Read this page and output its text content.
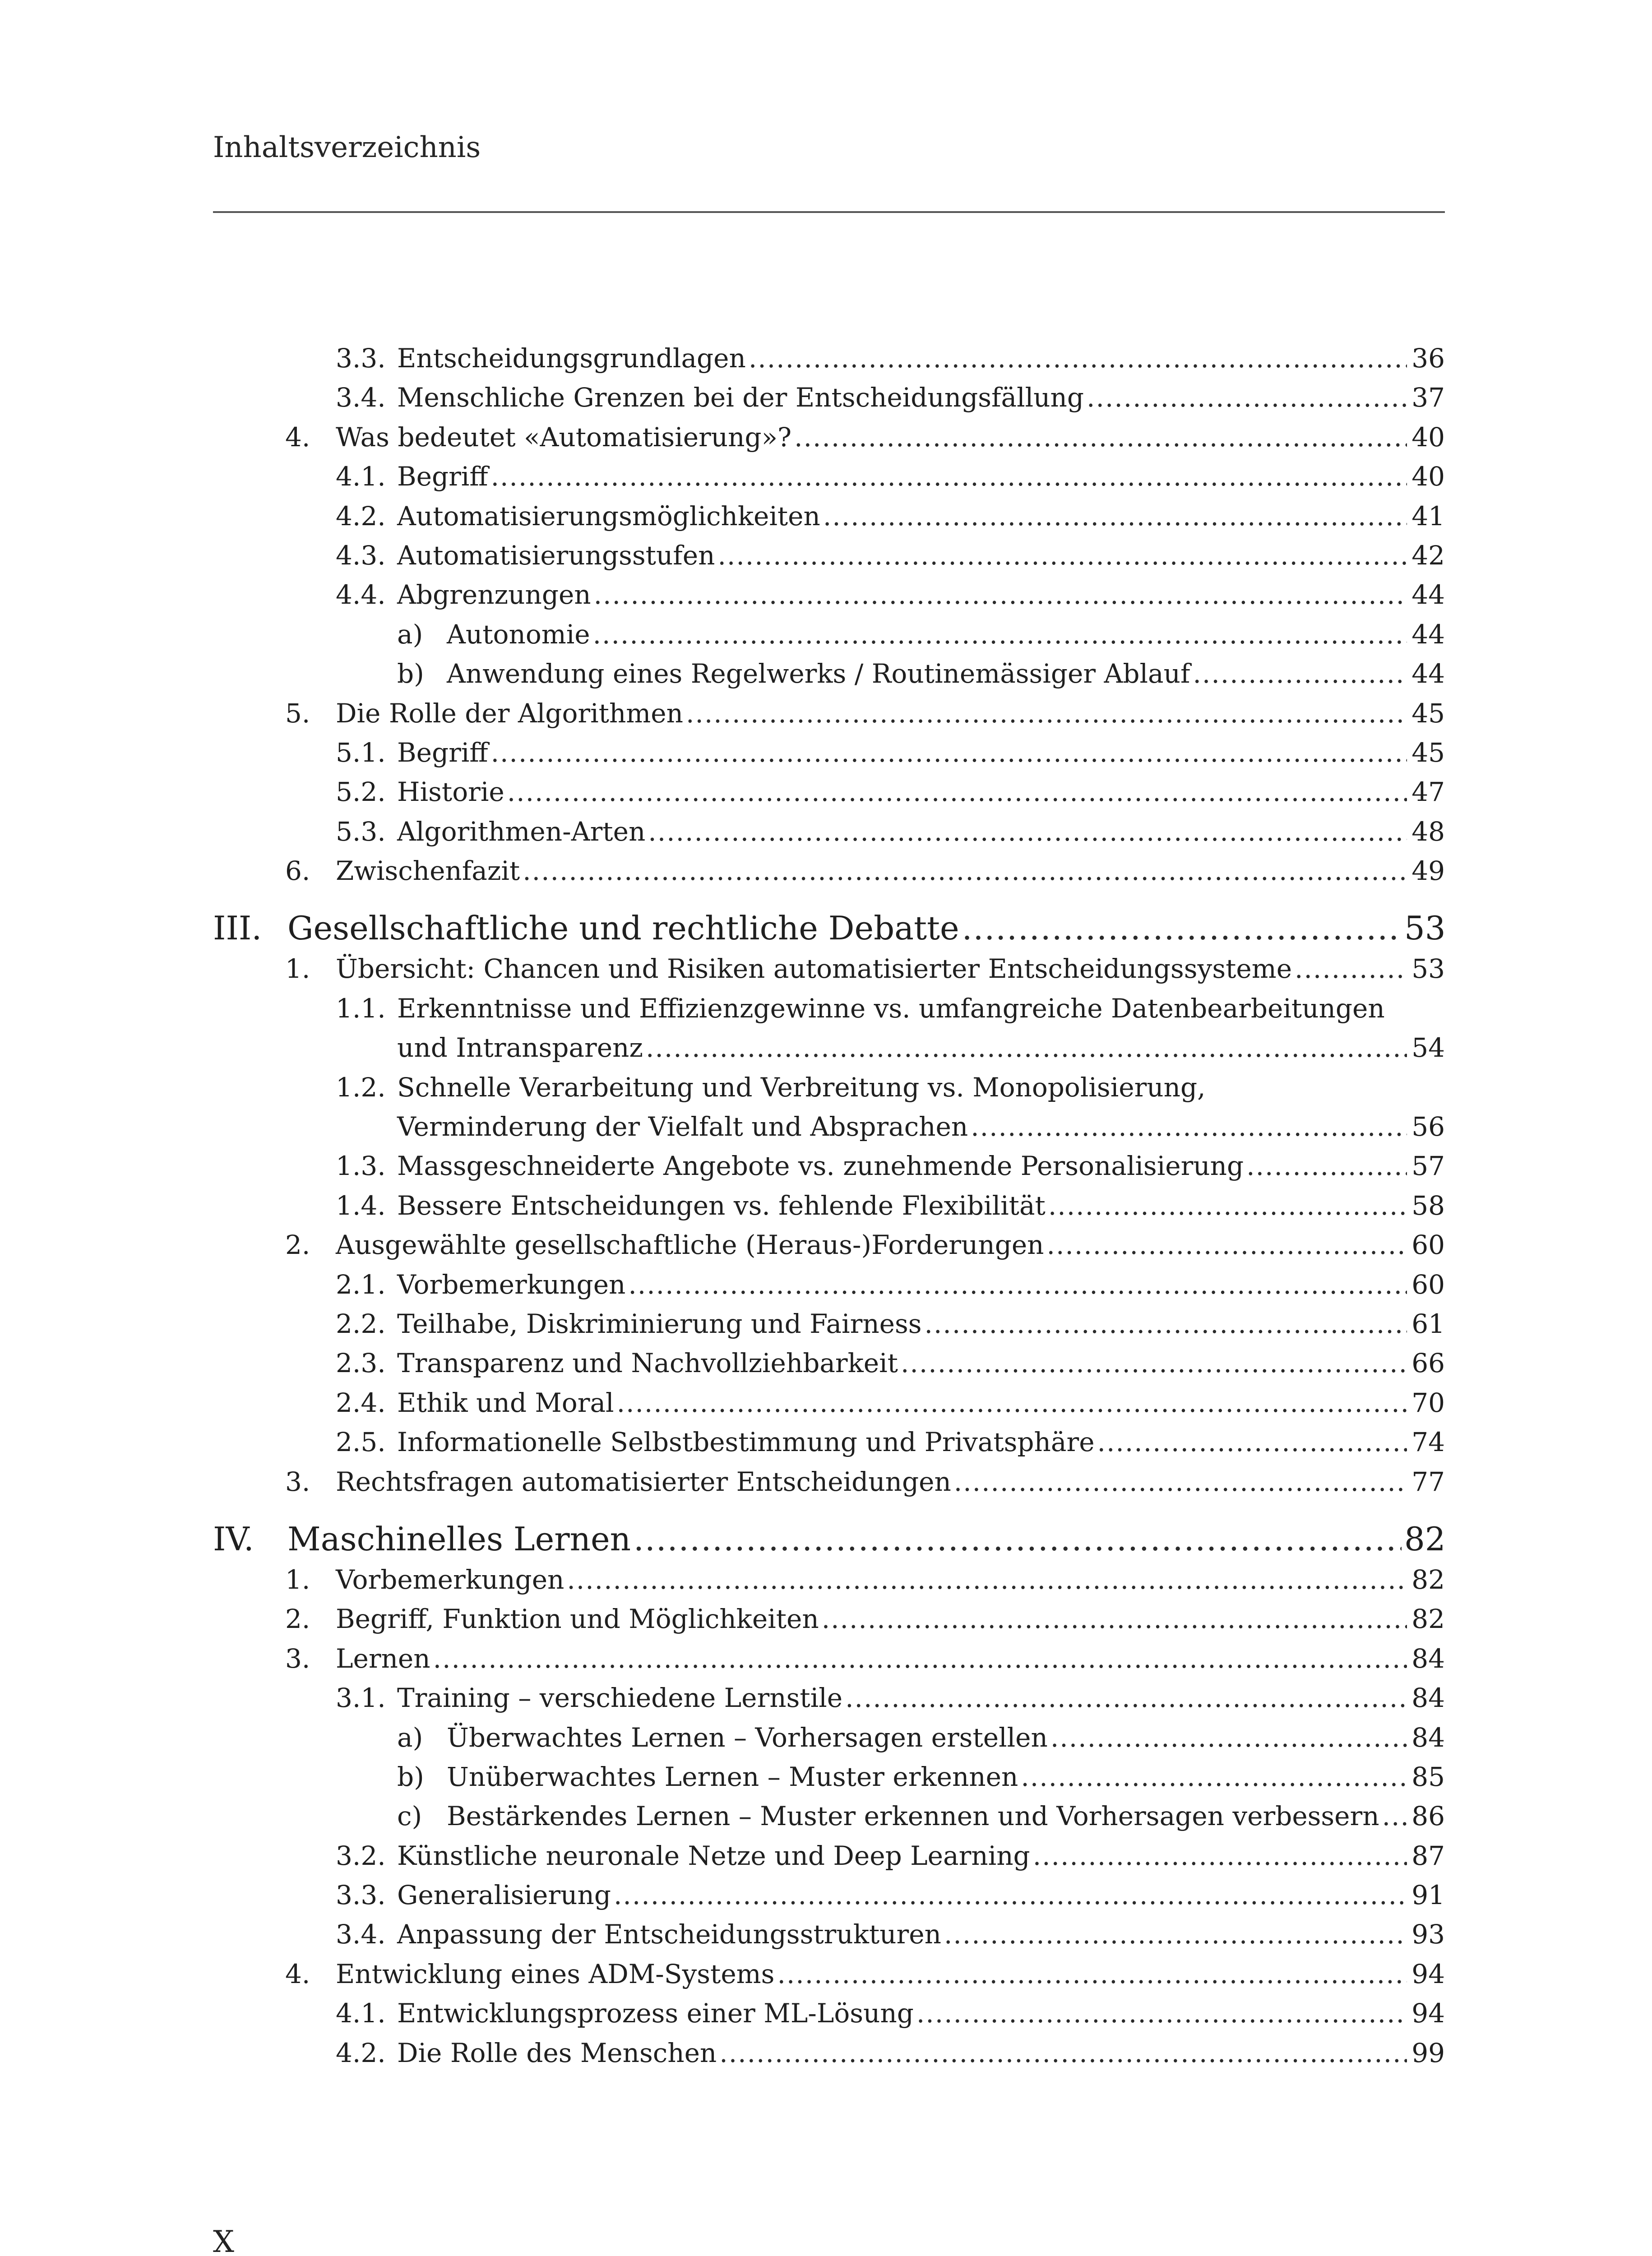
Inhaltsverzeichnis
3.3. Entscheidungsgrundlagen .....	36
3.4. Menschliche Grenzen bei der Entscheidungsfällung .....	37
4. Was bedeutet «Automatisierung»? .....	40
4.1. Begriff .....	40
4.2. Automatisierungsmöglichkeiten .....	41
4.3. Automatisierungsstufen .....	42
4.4. Abgrenzungen .....	44
a) Autonomie .....	44
b) Anwendung eines Regelwerks / Routinemässiger Ablauf .....	44
5. Die Rolle der Algorithmen .....	45
5.1. Begriff .....	45
5.2. Historie .....	47
5.3. Algorithmen-Arten .....	48
6. Zwischenfazit .....	49
III. Gesellschaftliche und rechtliche Debatte .....	53
1. Übersicht: Chancen und Risiken automatisierter Entscheidungssysteme .....	53
1.1. Erkenntnisse und Effizienzgewinne vs. umfangreiche Datenbearbeitungen
und Intransparenz .....	54
1.2. Schnelle Verarbeitung und Verbreitung vs. Monopolisierung,
Verminderung der Vielfalt und Absprachen .....	56
1.3. Massgeschneiderte Angebote vs. zunehmende Personalisierung .....	57
1.4. Bessere Entscheidungen vs. fehlende Flexibilität .....	58
2. Ausgewählte gesellschaftliche (Heraus-)Forderungen .....	60
2.1. Vorbemerkungen .....	60
2.2. Teilhabe, Diskriminierung und Fairness .....	61
2.3. Transparenz und Nachvollziehbarkeit .....	66
2.4. Ethik und Moral .....	70
2.5. Informationelle Selbstbestimmung und Privatsphäre .....	74
3. Rechtsfragen automatisierter Entscheidungen .....	77
IV. Maschinelles Lernen .....	82
1. Vorbemerkungen .....	82
2. Begriff, Funktion und Möglichkeiten .....	82
3. Lernen .....	84
3.1. Training – verschiedene Lernstile .....	84
a) Überwachtes Lernen – Vorhersagen erstellen .....	84
b) Unüberwachtes Lernen – Muster erkennen .....	85
c) Bestärkendes Lernen – Muster erkennen und Vorhersagen verbessern ..... 86
3.2. Künstliche neuronale Netze und Deep Learning .....	87
3.3. Generalisierung .....	91
3.4. Anpassung der Entscheidungsstrukturen .....	93
4. Entwicklung eines ADM-Systems .....	94
4.1. Entwicklungsprozess einer ML-Lösung .....	94
4.2. Die Rolle des Menschen .....	99
X
